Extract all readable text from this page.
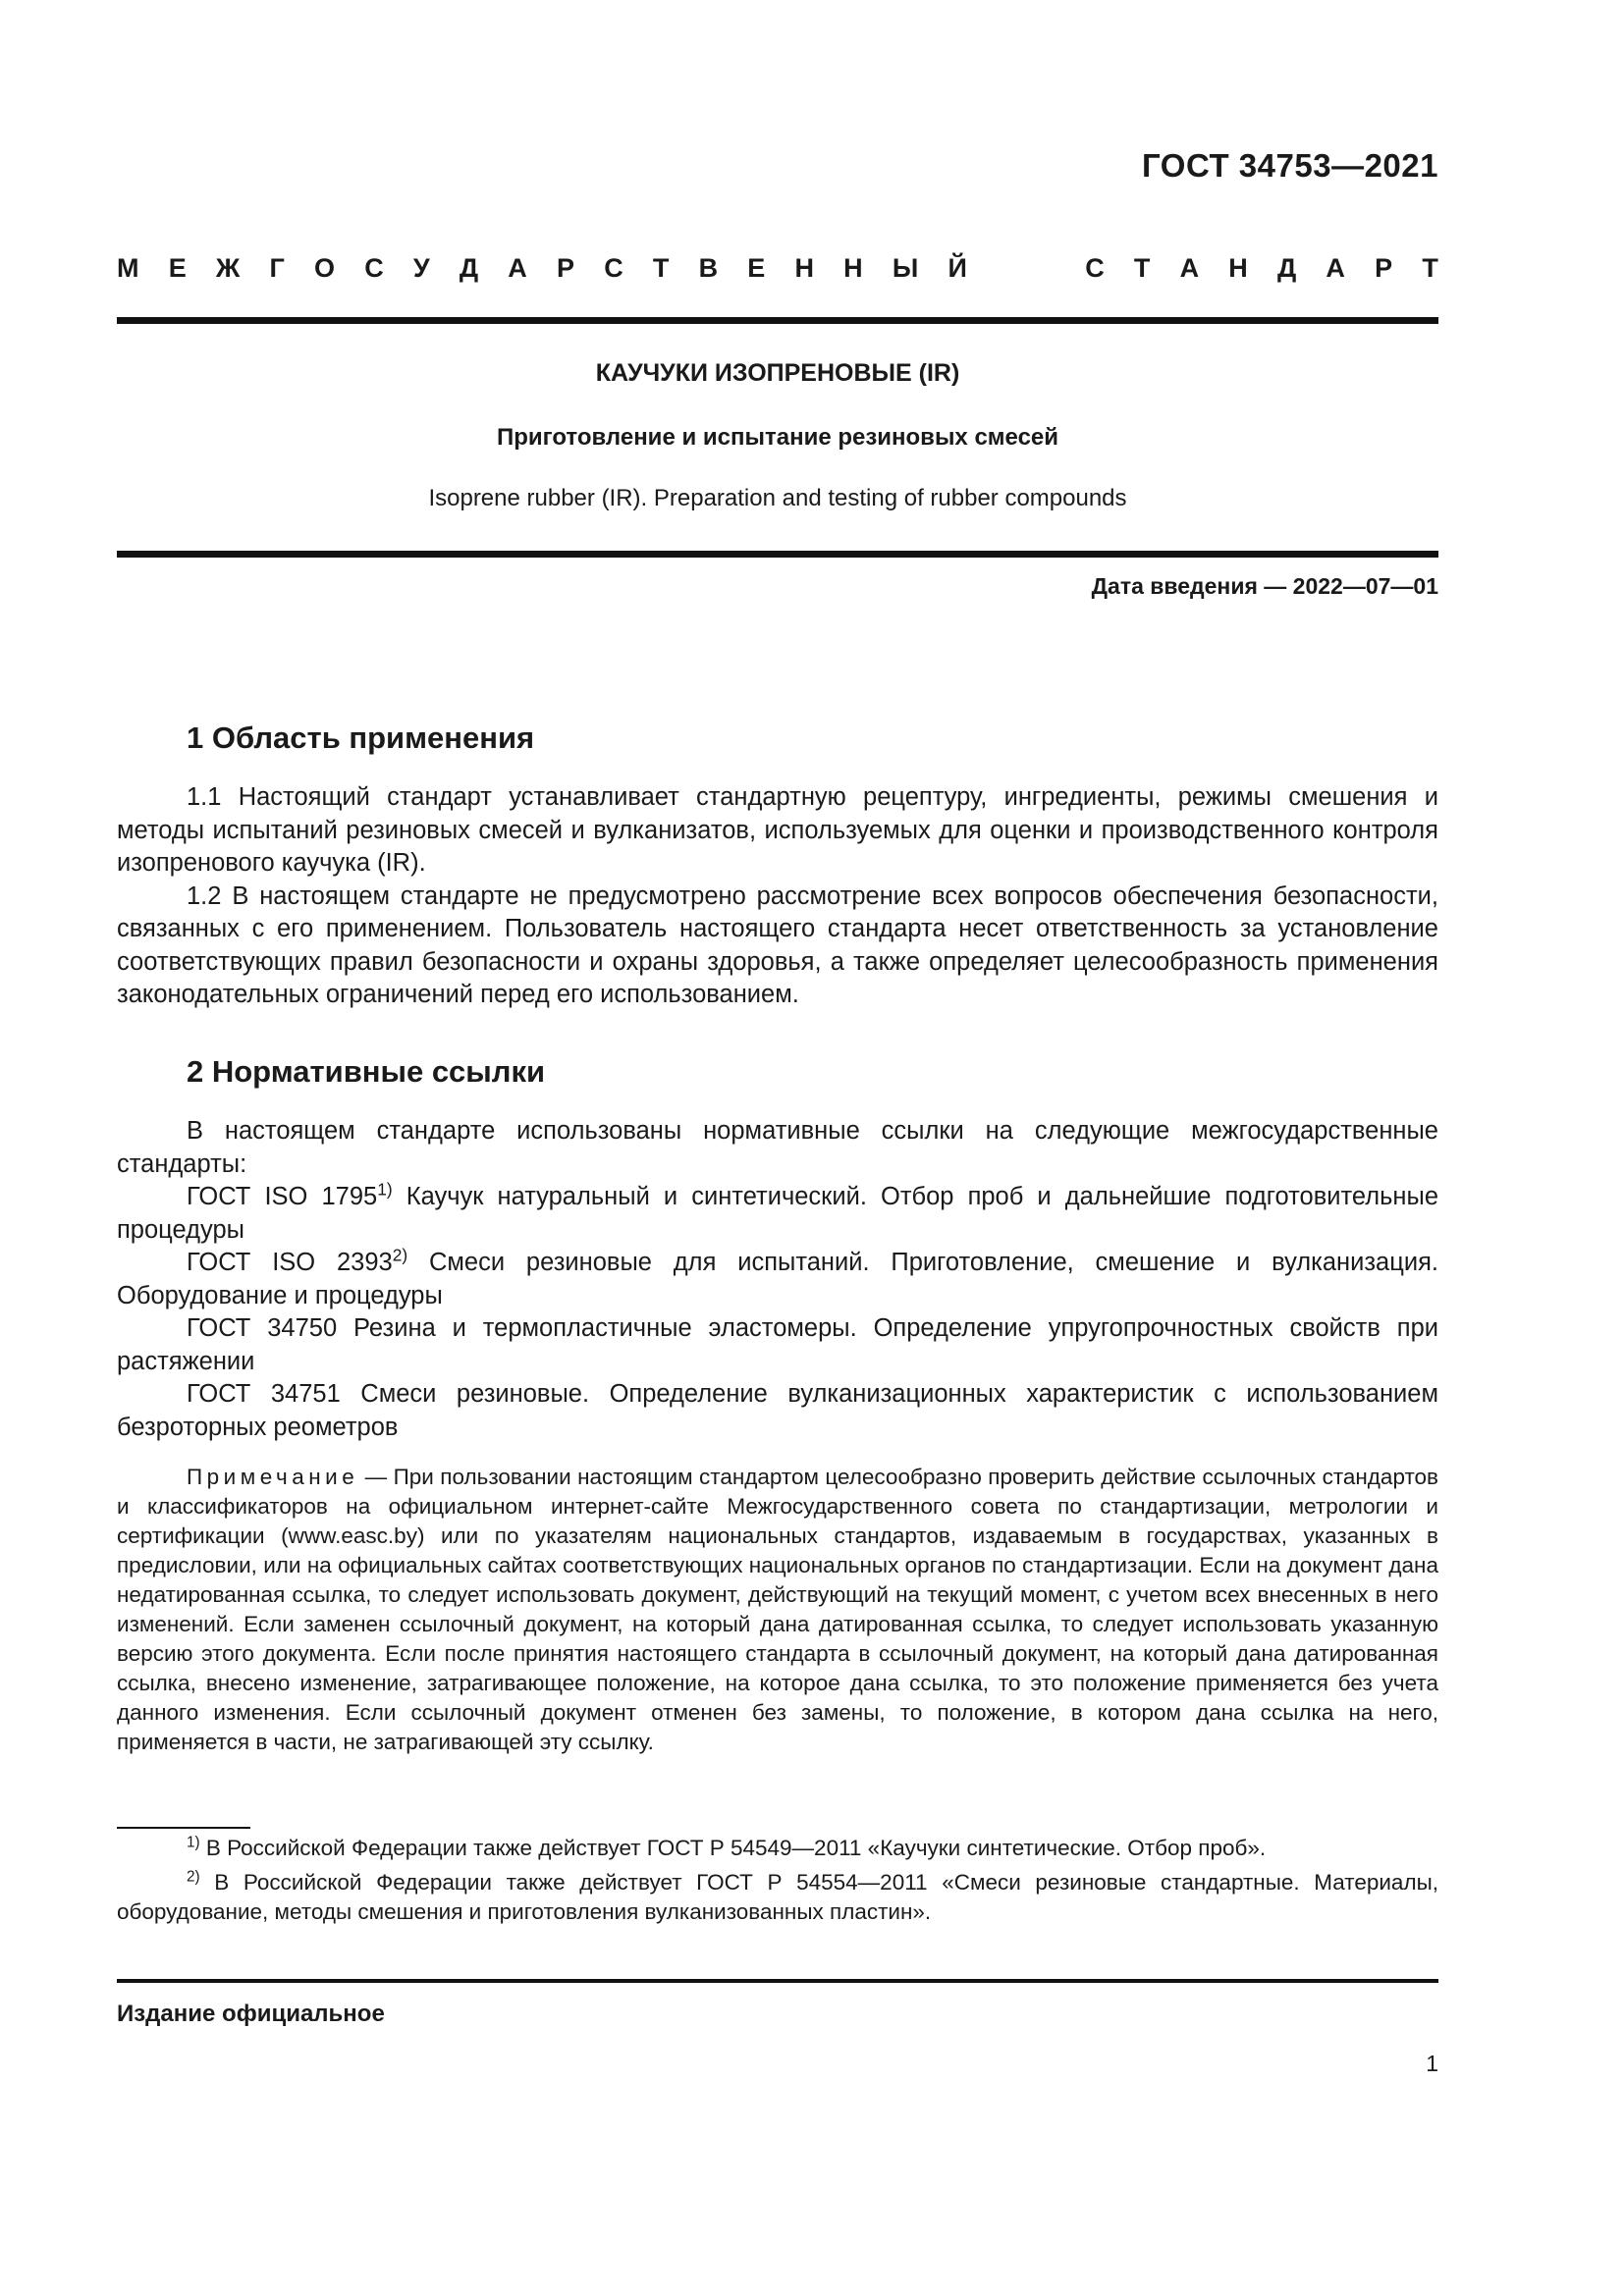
ГОСТ 34753—2021
М Е Ж Г О С У Д А Р С Т В Е Н Н Ы Й	С Т А Н Д А Р Т
КАУЧУКИ ИЗОПРЕНОВЫЕ (IR)
Приготовление и испытание резиновых смесей
Isoprene rubber (IR). Preparation and testing of rubber compounds
Дата введения — 2022—07—01
1 Область применения

1.1 Настоящий стандарт устанавливает стандартную рецептуру, ингредиенты, режимы смешения и методы испытаний резиновых смесей и вулканизатов, используемых для оценки и производственного контроля изопренового каучука (IR).

1.2 В настоящем стандарте не предусмотрено рассмотрение всех вопросов обеспечения безопасности, связанных с его применением. Пользователь настоящего стандарта несет ответственность за установление соответствующих правил безопасности и охраны здоровья, а также определяет целесообразность применения законодательных ограничений перед его использованием.

2 Нормативные ссылки

В настоящем стандарте использованы нормативные ссылки на следующие межгосударственные стандарты:

ГОСТ ISO 1795$^{1)}$ Каучук натуральный и синтетический. Отбор проб и дальнейшие подготовительные процедуры

ГОСТ ISO 2393$^{2)}$ Смеси резиновые для испытаний. Приготовление, смешение и вулканизация. Оборудование и процедуры

ГОСТ 34750 Резина и термопластичные эластомеры. Определение упругопрочностных свойств при растяжении

ГОСТ 34751 Смеси резиновые. Определение вулканизационных характеристик с использованием безроторных реометров

Примечание — При пользовании настоящим стандартом целесообразно проверить действие ссылочных стандартов и классификаторов на официальном интернет-сайте Межгосударственного совета по стандартизации, метрологии и сертификации (www.easc.by) или по указателям национальных стандартов, издаваемым в государствах, указанных в предисловии, или на официальных сайтах соответствующих национальных органов по стандартизации. Если на документ дана недатированная ссылка, то следует использовать документ, действующий на текущий момент, с учетом всех внесенных в него изменений. Если заменен ссылочный документ, на который дана датированная ссылка, то следует использовать указанную версию этого документа. Если после принятия настоящего стандарта в ссылочный документ, на который дана датированная ссылка, внесено изменение, затрагивающее положение, на которое дана ссылка, то это положение применяется без учета данного изменения. Если ссылочный документ отменен без замены, то положение, в котором дана ссылка на него, применяется в части, не затрагивающей эту ссылку.

$^{1)}$ В Российской Федерации также действует ГОСТ Р 54549—2011 «Каучуки синтетические. Отбор проб».

$^{2)}$ В Российской Федерации также действует ГОСТ Р 54554—2011 «Смеси резиновые стандартные. Материалы, оборудование, методы смешения и приготовления вулканизованных пластин».

Издание официальное
1
